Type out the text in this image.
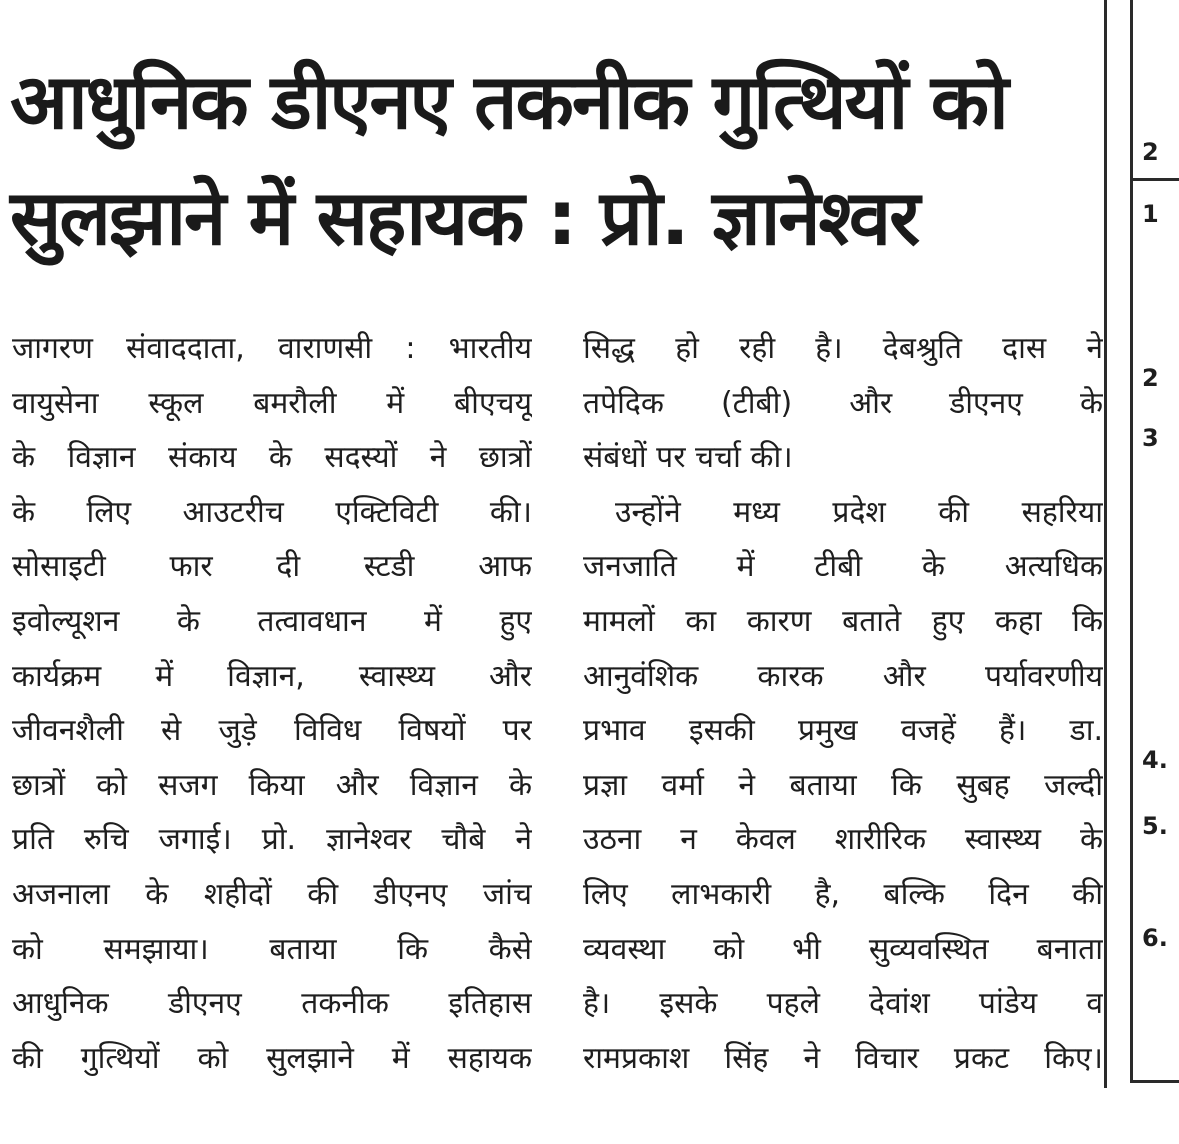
आधुनिक डीएनए तकनीक गुत्थियों को
सुलझाने में सहायक : प्रो. ज्ञानेश्वर
जागरण संवाददाता, वाराणसी : भारतीय
वायुसेना स्कूल बमरौली में बीएचयू
के विज्ञान संकाय के सदस्यों ने छात्रों
के लिए आउटरीच एक्टिविटी की।
सोसाइटी फार दी स्टडी आफ
इवोल्यूशन के तत्वावधान में हुए
कार्यक्रम में विज्ञान, स्वास्थ्य और
जीवनशैली से जुड़े विविध विषयों पर
छात्रों को सजग किया और विज्ञान के
प्रति रुचि जगाई। प्रो. ज्ञानेश्वर चौबे ने
अजनाला के शहीदों की डीएनए जांच
को समझाया। बताया कि कैसे
आधुनिक डीएनए तकनीक इतिहास
की गुत्थियों को सुलझाने में सहायक
सिद्ध हो रही है। देबश्रुति दास ने
तपेदिक (टीबी) और डीएनए के
संबंधों पर चर्चा की।
उन्होंने मध्य प्रदेश की सहरिया
जनजाति में टीबी के अत्यधिक
मामलों का कारण बताते हुए कहा कि
आनुवंशिक कारक और पर्यावरणीय
प्रभाव इसकी प्रमुख वजहें हैं। डा.
प्रज्ञा वर्मा ने बताया कि सुबह जल्दी
उठना न केवल शारीरिक स्वास्थ्य के
लिए लाभकारी है, बल्कि दिन की
व्यवस्था को भी सुव्यवस्थित बनाता
है। इसके पहले देवांश पांडेय व
रामप्रकाश सिंह ने विचार प्रकट किए।
2
1
2
3
4.
5.
6.
